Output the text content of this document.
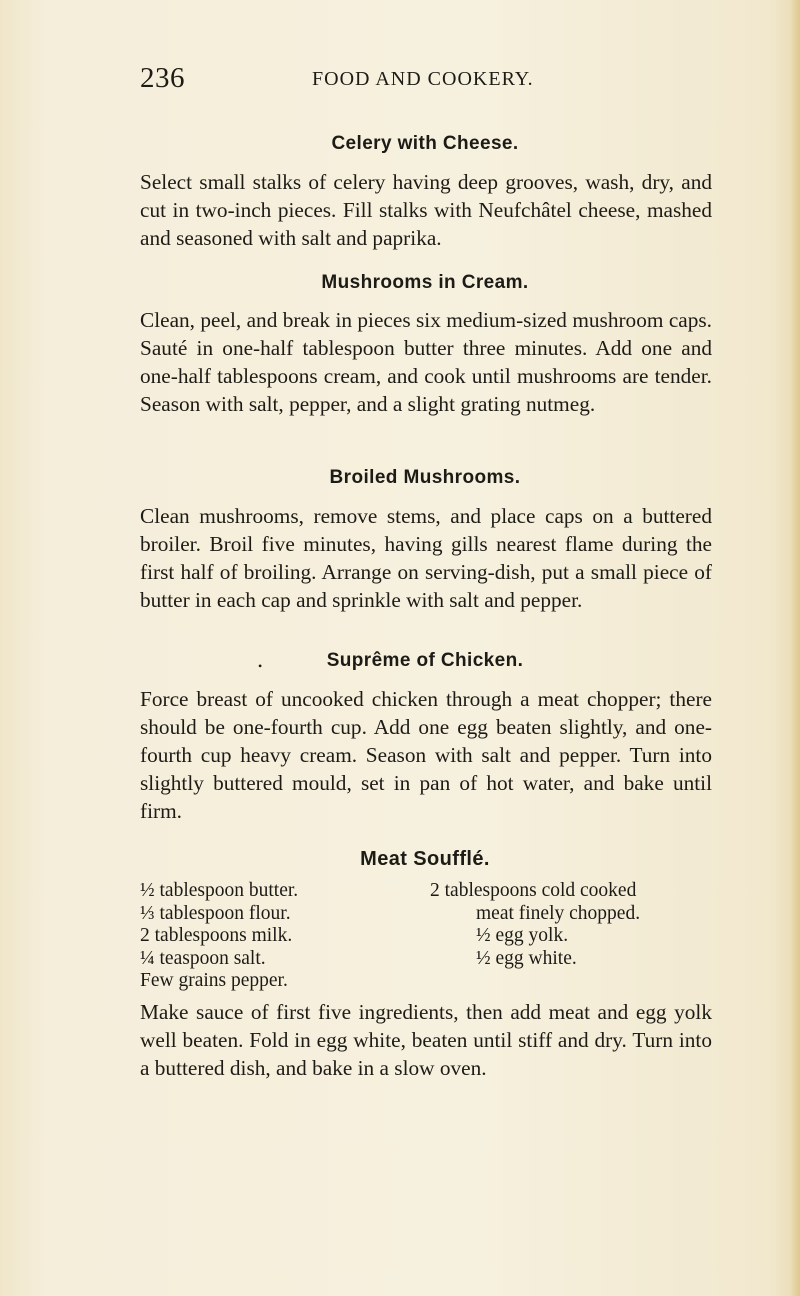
236	FOOD AND COOKERY.
Celery with Cheese.
Select small stalks of celery having deep grooves, wash, dry, and cut in two-inch pieces. Fill stalks with Neufchâtel cheese, mashed and seasoned with salt and paprika.
Mushrooms in Cream.
Clean, peel, and break in pieces six medium-sized mushroom caps. Sauté in one-half tablespoon butter three minutes. Add one and one-half tablespoons cream, and cook until mushrooms are tender. Season with salt, pepper, and a slight grating nutmeg.
Broiled Mushrooms.
Clean mushrooms, remove stems, and place caps on a buttered broiler. Broil five minutes, having gills nearest flame during the first half of broiling. Arrange on serving-dish, put a small piece of butter in each cap and sprinkle with salt and pepper.
•	Suprême of Chicken.
Force breast of uncooked chicken through a meat chopper; there should be one-fourth cup. Add one egg beaten slightly, and one-fourth cup heavy cream. Season with salt and pepper. Turn into slightly buttered mould, set in pan of hot water, and bake until firm.
Meat Soufflé.
½ tablespoon butter.
⅓ tablespoon flour.
2 tablespoons milk.
¼ teaspoon salt.
Few grains pepper.
2 tablespoons cold cooked
meat finely chopped.
½ egg yolk.
½ egg white.
Make sauce of first five ingredients, then add meat and egg yolk well beaten. Fold in egg white, beaten until stiff and dry. Turn into a buttered dish, and bake in a slow oven.
